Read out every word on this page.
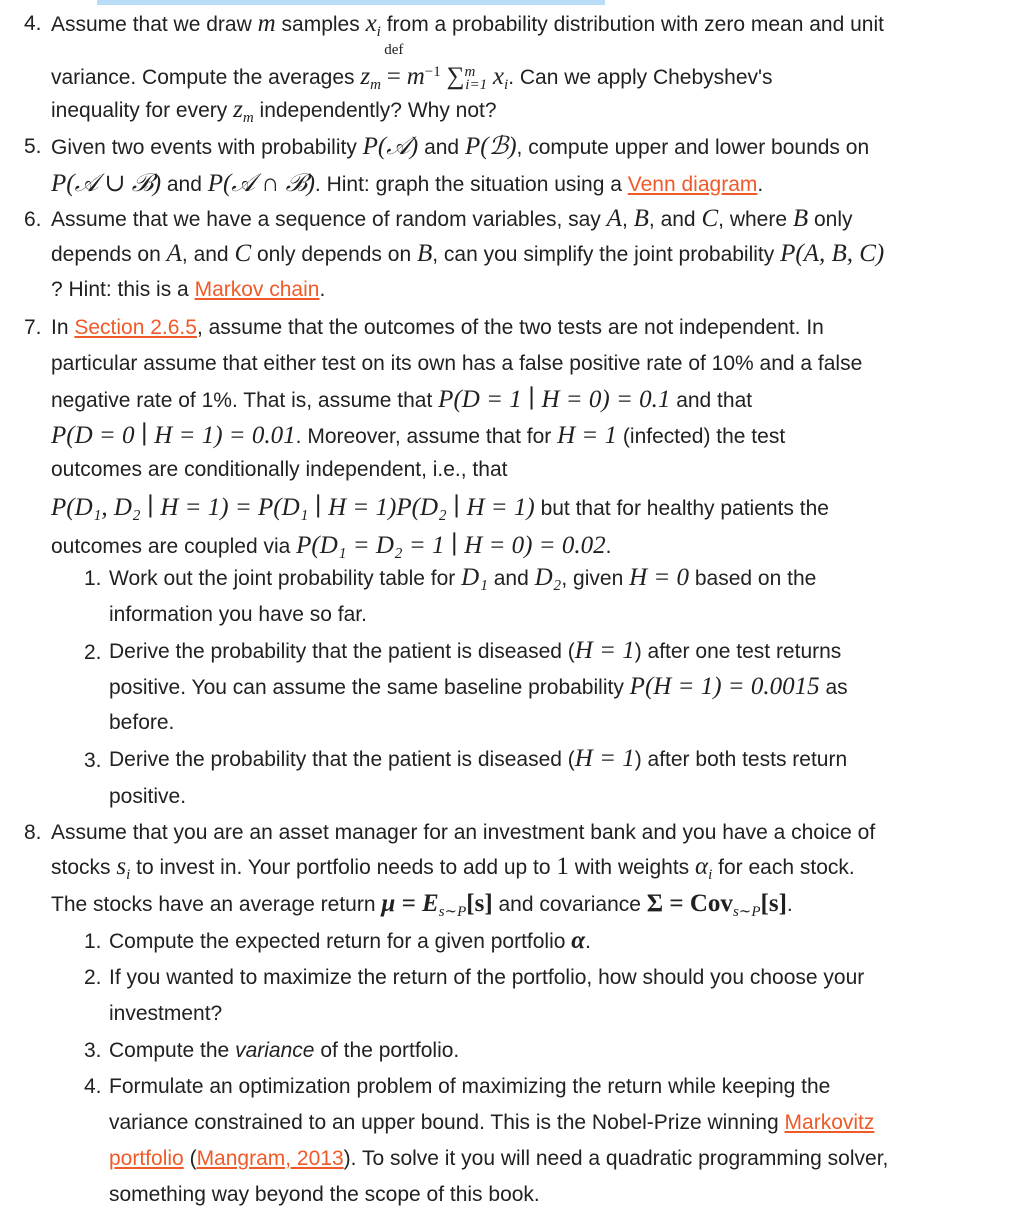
4. Assume that we draw m samples $x_i$ from a probability distribution with zero mean and unit
variance. Compute the averages $z_m$
def
= $m^{-1}$ ∑$^m_{i=1}$ $x_i$. Can we apply Chebyshev's
inequality for every $z_m$ independently? Why not?
5. Given two events with probability P(𝒜) and P(ℬ), compute upper and lower bounds on
P(𝒜 ∪ ℬ) and P(𝒜 ∩ ℬ). Hint: graph the situation using a Venn diagram.
6. Assume that we have a sequence of random variables, say A, B, and C, where B only
depends on A, and C only depends on B, can you simplify the joint probability P(A, B, C)
? Hint: this is a Markov chain.
7. In Section 2.6.5, assume that the outcomes of the two tests are not independent. In
particular assume that either test on its own has a false positive rate of 10% and a false
negative rate of 1%. That is, assume that P(D = 1 ∣ H = 0) = 0.1 and that
P(D = 0 ∣ H = 1) = 0.01. Moreover, assume that for H = 1 (infected) the test
outcomes are conditionally independent, i.e., that
P(D₁, D₂ ∣ H = 1) = P(D₁ ∣ H = 1)P(D₂ ∣ H = 1) but that for healthy patients the
outcomes are coupled via P(D₁ = D₂ = 1 ∣ H = 0) = 0.02.
1. Work out the joint probability table for D₁ and D₂, given H = 0 based on the
information you have so far.
2. Derive the probability that the patient is diseased (H = 1) after one test returns
positive. You can assume the same baseline probability P(H = 1) = 0.0015 as
before.
3. Derive the probability that the patient is diseased (H = 1) after both tests return
positive.
8. Assume that you are an asset manager for an investment bank and you have a choice of
stocks $s_i$ to invest in. Your portfolio needs to add up to 1 with weights $\alpha_i$ for each stock.
The stocks have an average return $\mu = E_{s\sim P}[s]$ and covariance Σ = Cov$_{s\sim P}$[s].
1. Compute the expected return for a given portfolio α.
2. If you wanted to maximize the return of the portfolio, how should you choose your
investment?
3. Compute the variance of the portfolio.
4. Formulate an optimization problem of maximizing the return while keeping the
variance constrained to an upper bound. This is the Nobel-Prize winning Markovitz
portfolio (Mangram, 2013). To solve it you will need a quadratic programming solver,
something way beyond the scope of this book.
